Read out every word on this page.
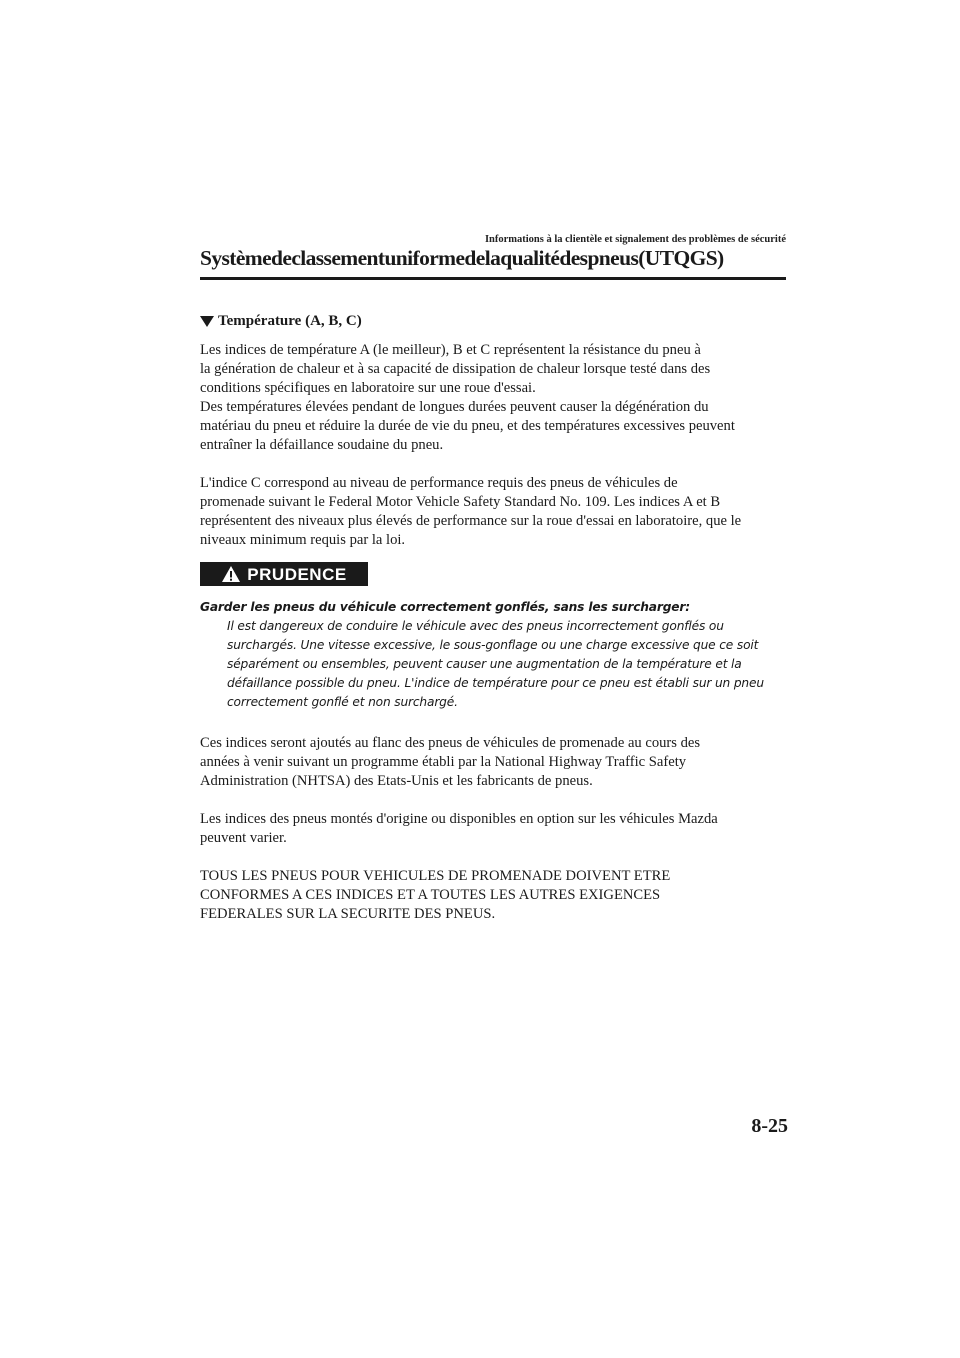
Informations à la clientèle et signalement des problèmes de sécurité
Systèmedeclassementuniformedelaqualitédespneus(UTQGS)
Température (A, B, C)

Les indices de température A (le meilleur), B et C représentent la résistance du pneu à

la génération de chaleur et à sa capacité de dissipation de chaleur lorsque testé dans des

conditions spécifiques en laboratoire sur une roue d'essai.

Des températures élevées pendant de longues durées peuvent causer la dégénération du

matériau du pneu et réduire la durée de vie du pneu, et des températures excessives peuvent

entraîner la défaillance soudaine du pneu.

L'indice C correspond au niveau de performance requis des pneus de véhicules de

promenade suivant le Federal Motor Vehicle Safety Standard No. 109. Les indices A et B

représentent des niveaux plus élevés de performance sur la roue d'essai en laboratoire, que le

niveaux minimum requis par la loi.

PRUDENCE

Garder les pneus du véhicule correctement gonflés, sans les surcharger:

Il est dangereux de conduire le véhicule avec des pneus incorrectement gonflés ou

surchargés. Une vitesse excessive, le sous-gonflage ou une charge excessive que ce soit

séparément ou ensembles, peuvent causer une augmentation de la température et la

défaillance possible du pneu. L'indice de température pour ce pneu est établi sur un pneu

correctement gonflé et non surchargé.

Ces indices seront ajoutés au flanc des pneus de véhicules de promenade au cours des

années à venir suivant un programme établi par la National Highway Traffic Safety

Administration (NHTSA) des Etats-Unis et les fabricants de pneus.

Les indices des pneus montés d'origine ou disponibles en option sur les véhicules Mazda

peuvent varier.

TOUS LES PNEUS POUR VEHICULES DE PROMENADE DOIVENT ETRE

CONFORMES A CES INDICES ET A TOUTES LES AUTRES EXIGENCES

FEDERALES SUR LA SECURITE DES PNEUS.

8-25
